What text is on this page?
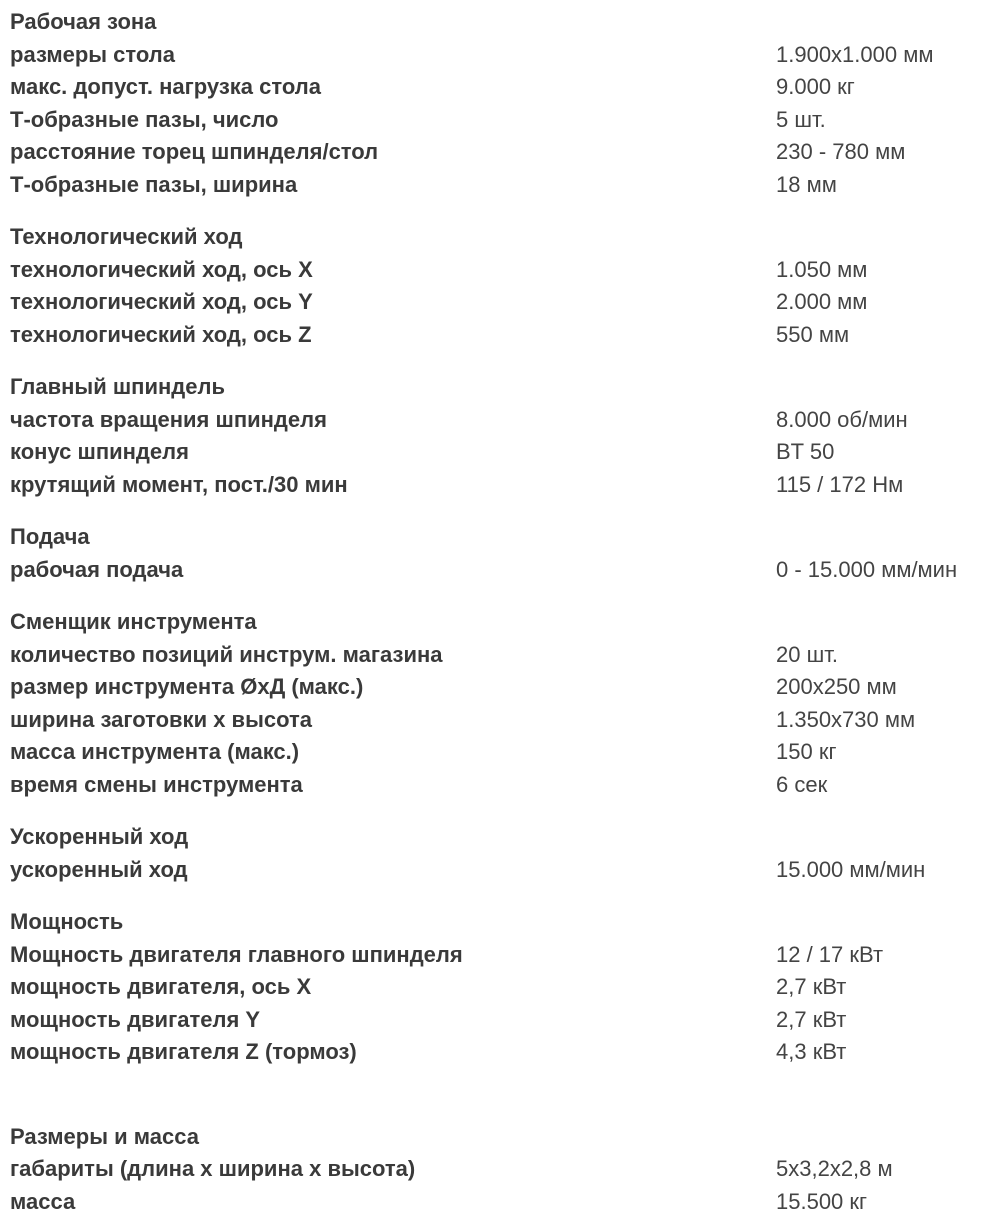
Рабочая зона
размеры стола	1.900x1.000 мм
макс. допуст. нагрузка стола	9.000 кг
Т-образные пазы, число	5 шт.
расстояние торец шпинделя/стол	230 - 780 мм
Т-образные пазы, ширина	18 мм
Технологический ход
технологический ход, ось X	1.050 мм
технологический ход, ось Y	2.000 мм
технологический ход, ось Z	550 мм
Главный шпиндель
частота вращения шпинделя	8.000 об/мин
конус шпинделя	BT 50
крутящий момент, пост./30 мин	115 / 172 Нм
Подача
рабочая подача	0 - 15.000 мм/мин
Сменщик инструмента
количество позиций инструм. магазина	20 шт.
размер инструмента ØxД (макс.)	200x250 мм
ширина заготовки x высота	1.350x730 мм
масса инструмента (макс.)	150 кг
время смены инструмента	6 сек
Ускоренный ход
ускоренный ход	15.000 мм/мин
Мощность
Мощность двигателя главного шпинделя	12 / 17 кВт
мощность двигателя, ось X	2,7 кВт
мощность двигателя Y	2,7 кВт
мощность двигателя Z (тормоз)	4,3 кВт
Размеры и масса
габариты (длина x ширина x высота)	5x3,2x2,8 м
масса	15.500 кг
